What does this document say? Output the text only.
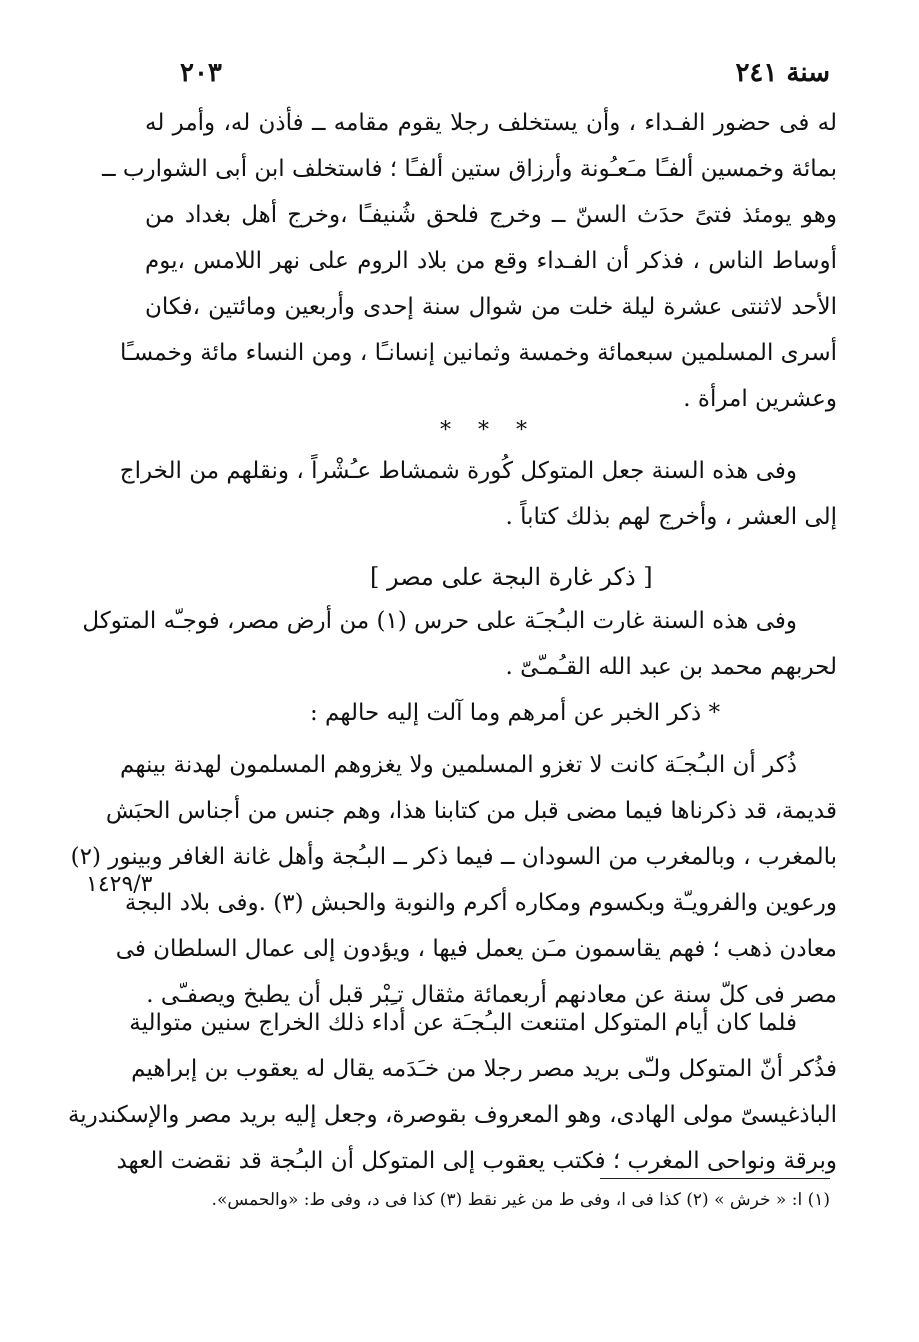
سنة ٢٤١
٢٠٣
له فى حضور الفـداء ، وأن يستخلف رجلا يقوم مقامه ــ فأذن له، وأمر له
بمائة وخمسين ألفـًا مـَعـُونة وأرزاق ستين ألفـًا ؛ فاستخلف ابن أبى الشوارب ــ
وهو يومئذ فتىً حدَث السنّ ــ وخرج فلحق شُنيفـًا ،وخرج أهل بغداد من
أوساط الناس ، فذكر أن الفـداء وقع من بلاد الروم على نهر اللامس ،يوم
الأحد لاثنتى عشرة ليلة خلت من شوال سنة إحدى وأربعين ومائتين ،فكان
أسرى المسلمين سبعمائة وخمسة وثمانين إنسانـًا ، ومن النساء مائة وخمسـًا
وعشرين امرأة .
* * *
وفى هذه السنة جعل المتوكل كُورة شمشاط عـُشْراً ، ونقلهم من الخراج
إلى العشر ، وأخرج لهم بذلك كتاباً .
[ ذكر غارة البجة على مصر ]
وفى هذه السنة غارت البـُجـَة على حرس (١) من أرض مصر، فوجـّه المتوكل
لحربهم محمد بن عبد الله القـُمـّىّ .
* ذكر الخبر عن أمرهم وما آلت إليه حالهم :
ذُكر أن البـُجـَة كانت لا تغزو المسلمين ولا يغزوهم المسلمون لهدنة بينهم
قديمة، قد ذكرناها فيما مضى قبل من كتابنا هذا، وهم جنس من أجناس الحبَش
بالمغرب ، وبالمغرب من السودان ــ فيما ذكر ــ البـُجة وأهل غانة الغافر وبينور (٢)
ورعوين والفرويـّة وبكسوم ومكاره أكرم والنوبة والحبش (٣) .وفى بلاد البجة
معادن ذهب ؛ فهم يقاسمون مـَن يعمل فيها ، ويؤدون إلى عمال السلطان فى
مصر فى كلّ سنة عن معادنهم أربعمائة مثقال تـِبْر قبل أن يطبخ ويصفـّى .
١٤٢٩/٣
فلما كان أيام المتوكل امتنعت البـُجـَة عن أداء ذلك الخراج سنين متوالية
فذُكر أنّ المتوكل ولـّى بريد مصر رجلا من خـَدَمه يقال له يعقوب بن إبراهيم
الباذغيسىّ مولى الهادى، وهو المعروف بقوصرة، وجعل إليه بريد مصر والإسكندرية
وبرقة ونواحى المغرب ؛ فكتب يعقوب إلى المتوكل أن البـُجة قد نقضت العهد
(١) ا: « خرش » (٢) كذا فى ا، وفى ط من غير نقط (٣) كذا فى د، وفى ط: «والحمس».
